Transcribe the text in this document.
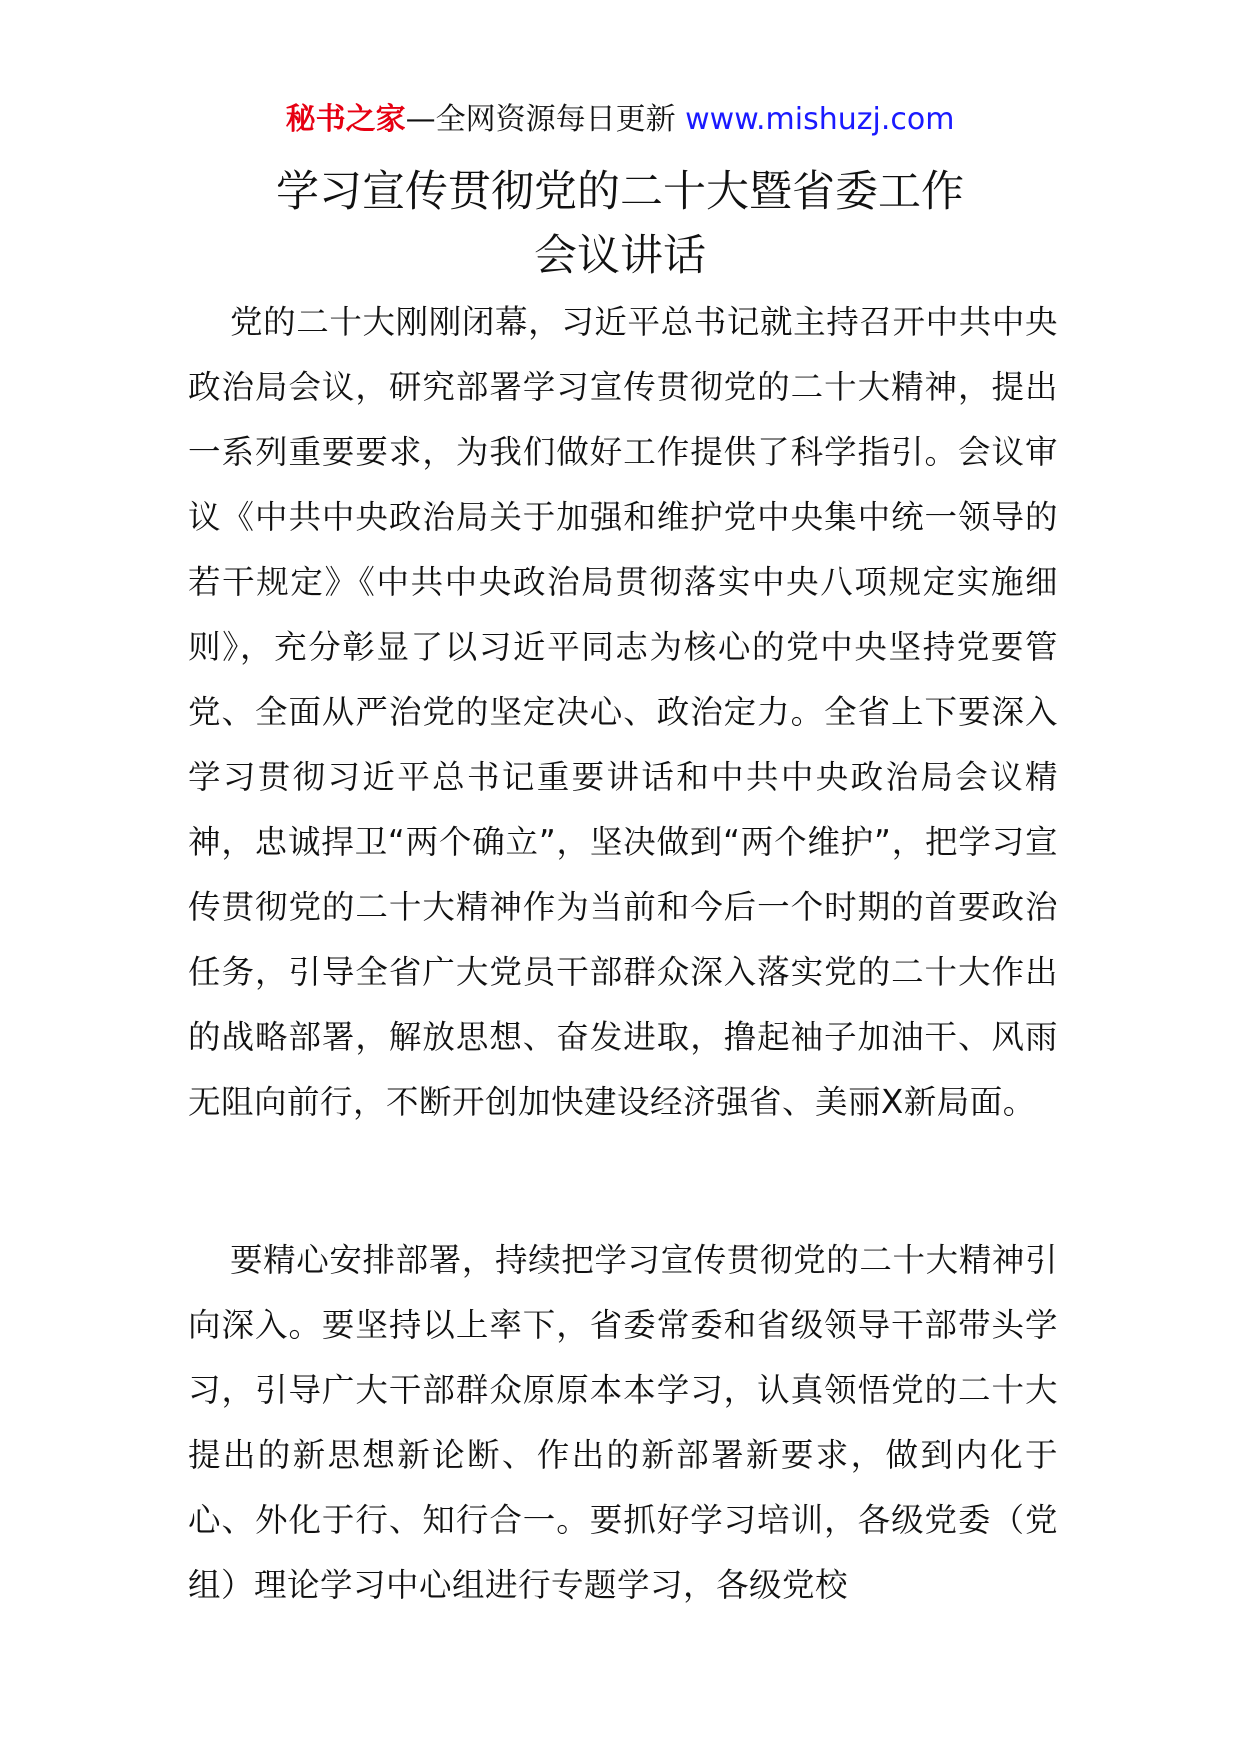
秘书之家—全网资源每日更新 www.mishuzj.com
学习宣传贯彻党的二十大暨省委工作
会议讲话

党的二十大刚刚闭幕，习近平总书记就主持召开中共中央政治局会议，研究部署学习宣传贯彻党的二十大精神，提出一系列重要要求，为我们做好工作提供了科学指引。会议审议《中共中央政治局关于加强和维护党中央集中统一领导的若干规定》《中共中央政治局贯彻落实中央八项规定实施细则》，充分彰显了以习近平同志为核心的党中央坚持党要管党、全面从严治党的坚定决心、政治定力。全省上下要深入学习贯彻习近平总书记重要讲话和中共中央政治局会议精神，忠诚捍卫“两个确立”，坚决做到“两个维护”，把学习宣传贯彻党的二十大精神作为当前和今后一个时期的首要政治任务，引导全省广大党员干部群众深入落实党的二十大作出的战略部署，解放思想、奋发进取，撸起袖子加油干、风雨无阻向前行，不断开创加快建设经济强省、美丽X新局面。

要精心安排部署，持续把学习宣传贯彻党的二十大精神引向深入。要坚持以上率下，省委常委和省级领导干部带头学习，引导广大干部群众原原本本学习，认真领悟党的二十大提出的新思想新论断、作出的新部署新要求，做到内化于心、外化于行、知行合一。要抓好学习培训，各级党委（党组）理论学习中心组进行专题学习，各级党校
